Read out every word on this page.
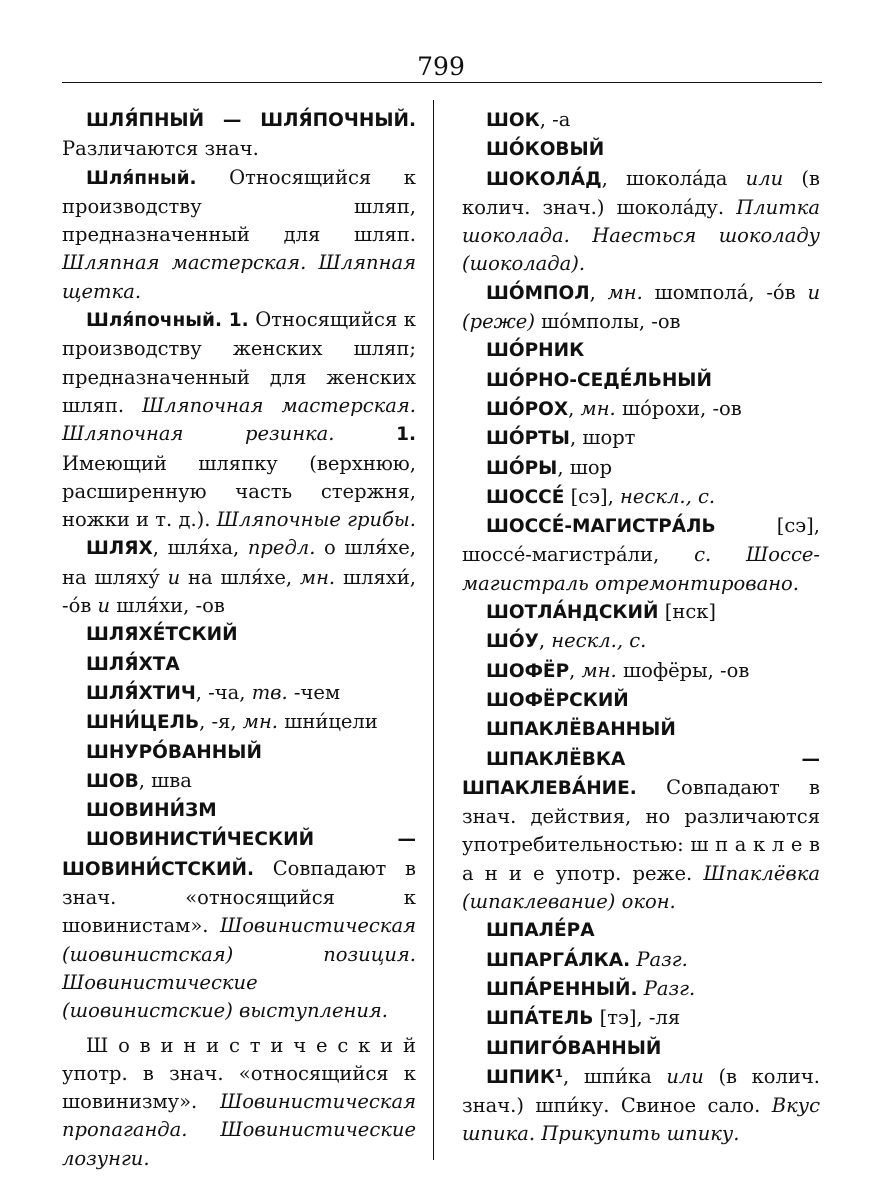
799

ШЛЯ́ПНЫЙ — ШЛЯ́ПОЧНЫЙ. Различаются знач.

Шля́пный. Относящийся к производству шляп, предназначенный для шляп. Шляпная мастерская. Шляпная щетка.

Шля́почный. 1. Относящийся к производству женских шляп; предназначенный для женских шляп. Шляпочная мастерская. Шляпочная резинка.	1. Имеющий шляпку (верхнюю, расширенную часть стержня, ножки и т. д.). Шляпочные грибы.

ШЛЯХ, шля́ха, предл. о шля́хе, на шляху́ и на шля́хе, мн. шляхи́, -о́в и шля́хи, -ов

ШЛЯХЕ́ТСКИЙ

ШЛЯ́ХТА

ШЛЯ́ХТИЧ, -ча, тв. -чем

ШНИ́ЦЕЛЬ, -я, мн. шни́цели

ШНУРО́ВАННЫЙ

ШОВ, шва

ШОВИНИ́ЗМ

ШОВИНИСТИ́ЧЕСКИЙ — ШОВИНИ́СТСКИЙ. Совпадают в знач. «относящийся к шовинистам». Шовинистическая (шовинистская) позиция. Шовинистические (шовинистские) выступления.

Ш о в и н и с т и ч е с к и й употр. в знач. «относящийся к шовинизму». Шовинистическая пропаганда. Шовинистические лозунги.

ШОК, -а

ШО́КОВЫЙ

ШОКОЛА́Д, шокола́да или (в колич. знач.) шокола́ду. Плитка шоколада. Наесться шоколаду (шоколада).

ШО́МПОЛ, мн. шомпола́, -о́в и (реже) шо́мполы, -ов

ШО́РНИК

ШО́РНО-СЕДЕ́ЛЬНЫЙ

ШО́РОХ, мн. шо́рохи, -ов

ШО́РТЫ, шорт

ШО́РЫ, шор

ШОССЕ́ [сэ], нескл., с.

ШОССЕ́-МАГИСТРА́ЛЬ [сэ], шоссе́-магистра́ли, с. Шоссе-магистраль отремонтировано.

ШОТЛА́НДСКИЙ [нск]

ШО́У, нескл., с.

ШОФЁР, мн. шофёры, -ов

ШОФЁРСКИЙ

ШПАКЛЁВАННЫЙ

ШПАКЛЁВКА — ШПАКЛЕВА́НИЕ. Совпадают в знач. действия, но различаются употребительностью: ш п а к л е в а н и е употр. реже. Шпаклёвка (шпаклевание) окон.

ШПАЛЕ́РА

ШПАРГА́ЛКА. Разг.

ШПА́РЕННЫЙ. Разг.

ШПА́ТЕЛЬ [тэ], -ля

ШПИГО́ВАННЫЙ

ШПИК¹, шпи́ка или (в колич. знач.) шпи́ку. Свиное сало. Вкус шпика. Прикупить шпику.
